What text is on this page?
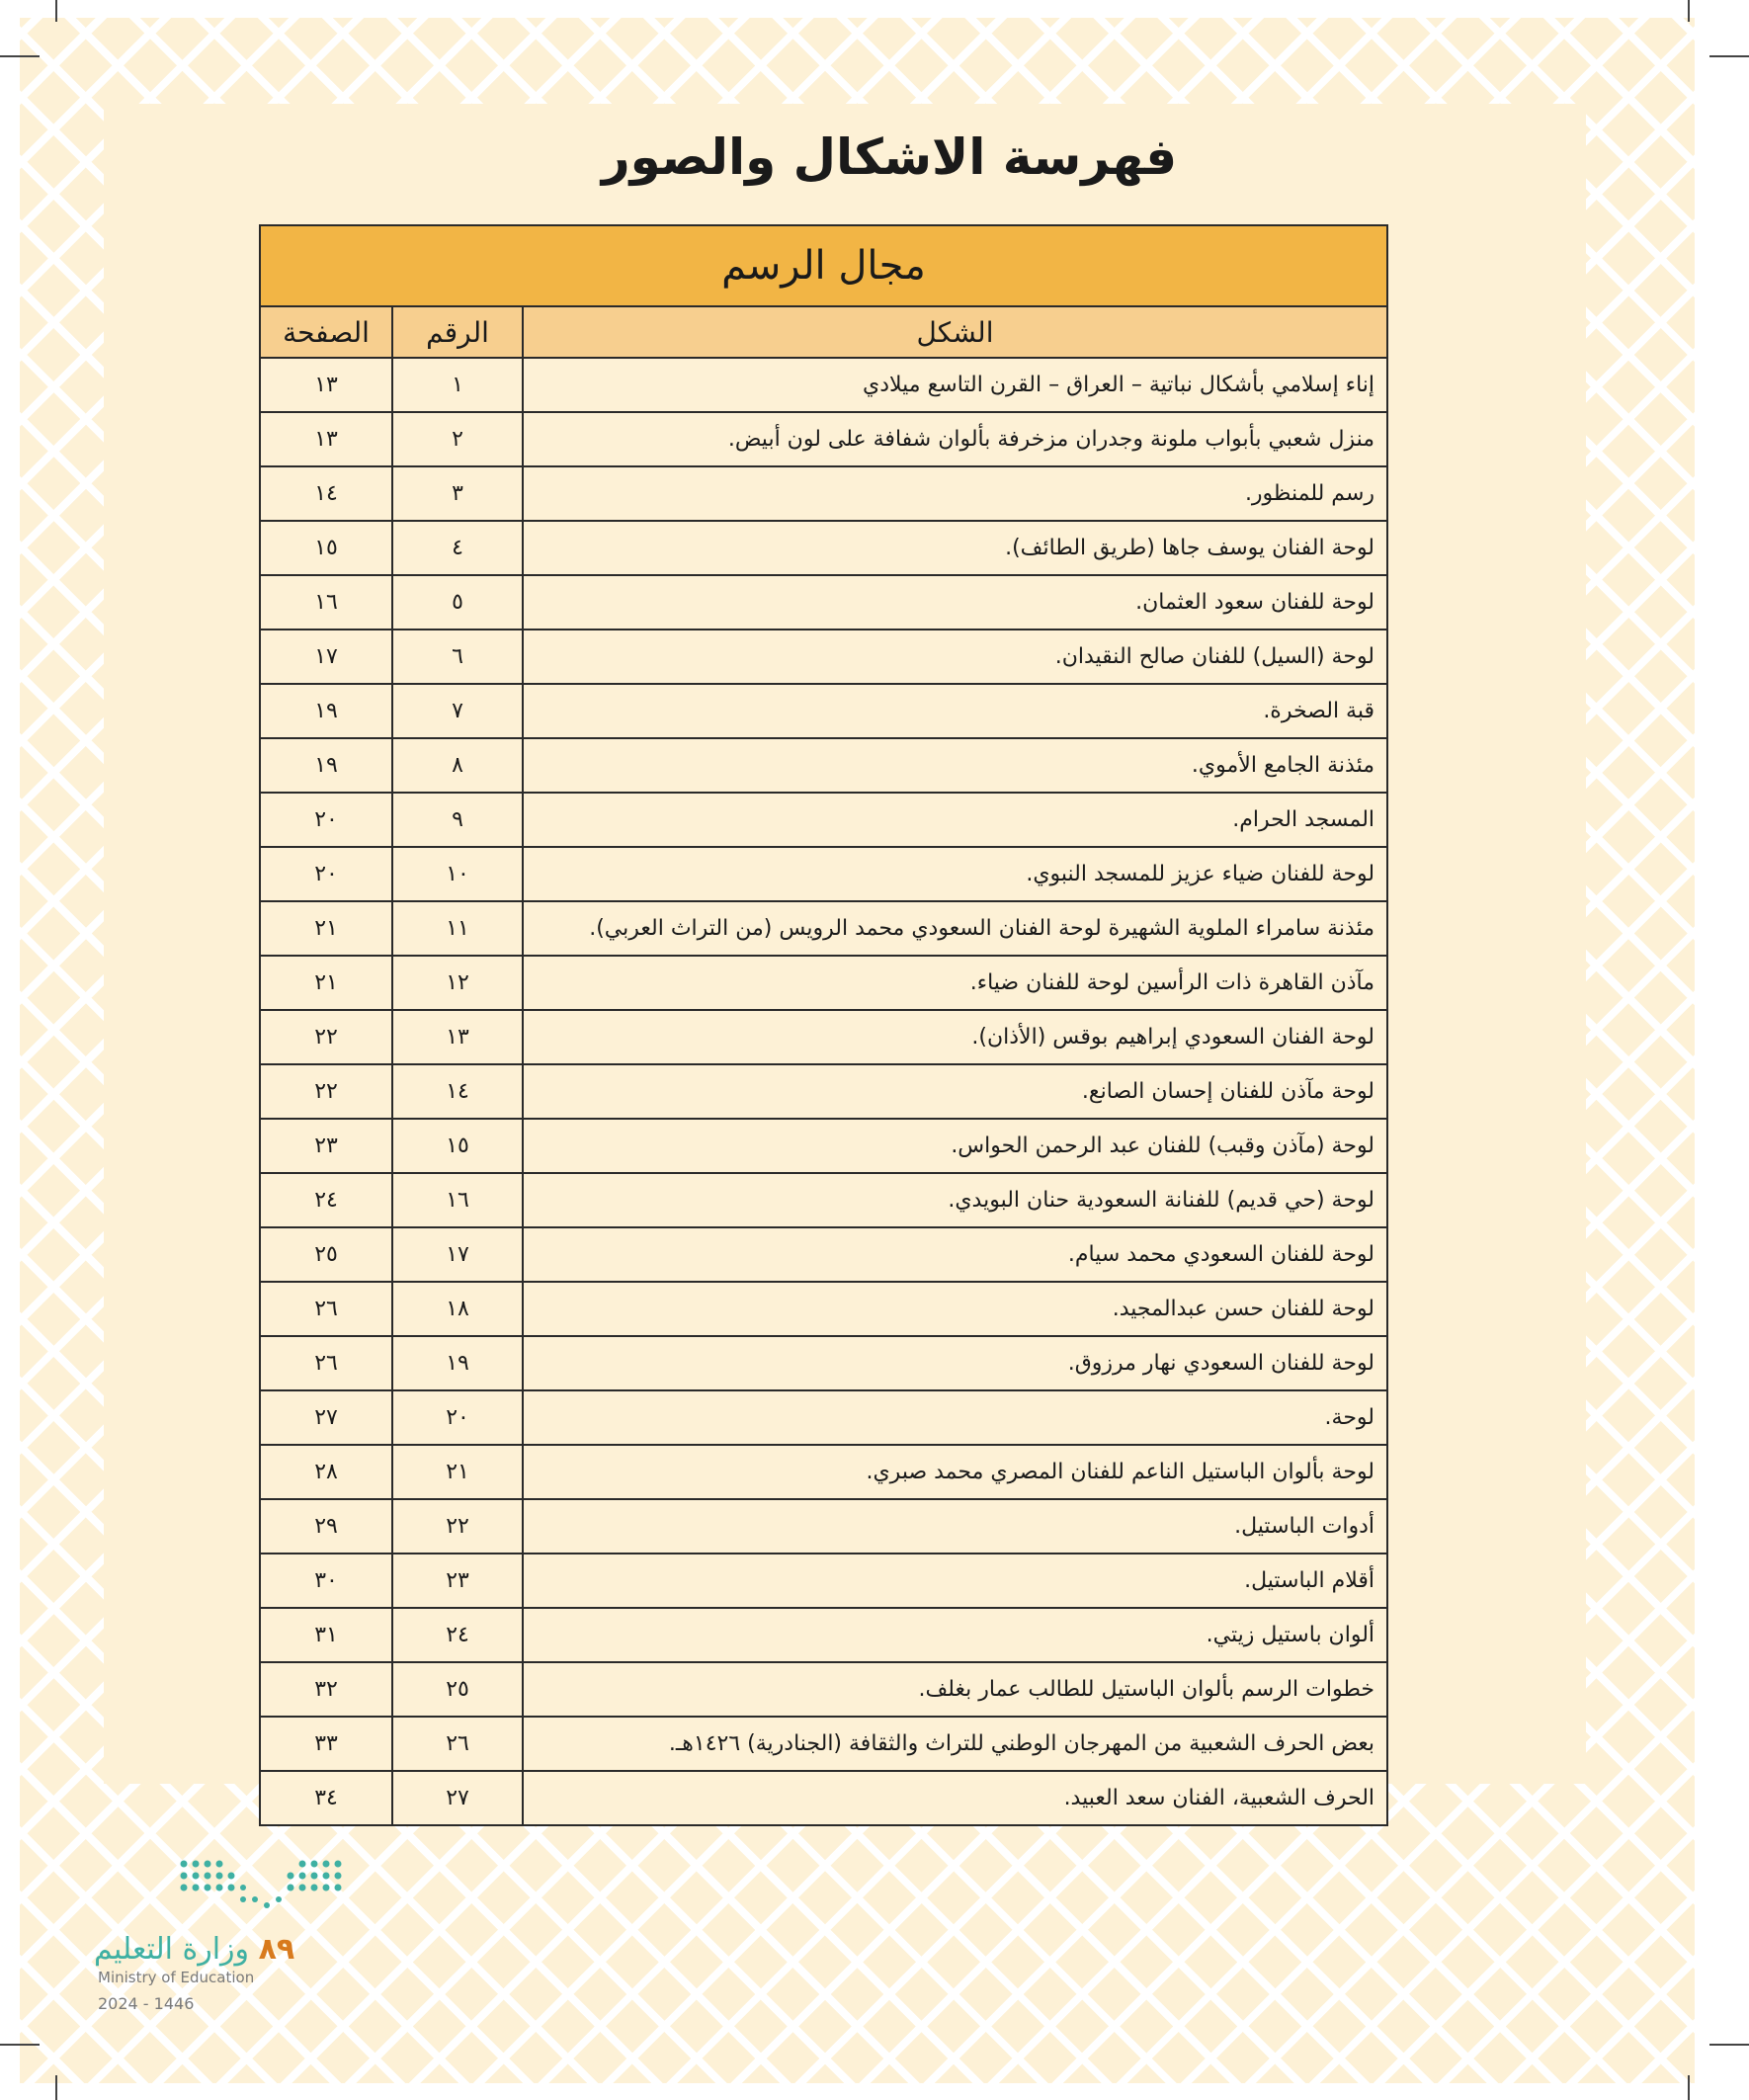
فهرسة الاشكال والصور
مجال الرسم		
الشكل	الرقم	الصفحة
إناء إسلامي بأشكال نباتية – العراق – القرن التاسع ميلادي	١	١٣
منزل شعبي بأبواب ملونة وجدران مزخرفة بألوان شفافة على لون أبيض.	٢	١٣
رسم للمنظور.	٣	١٤
لوحة الفنان يوسف جاها (طريق الطائف).	٤	١٥
لوحة للفنان سعود العثمان.	٥	١٦
لوحة (السيل) للفنان صالح النقيدان.	٦	١٧
قبة الصخرة.	٧	١٩
مئذنة الجامع الأموي.	٨	١٩
المسجد الحرام.	٩	٢٠
لوحة للفنان ضياء عزيز للمسجد النبوي.	١٠	٢٠
مئذنة سامراء الملوية الشهيرة لوحة الفنان السعودي محمد الرويس (من التراث العربي).	١١	٢١
مآذن القاهرة ذات الرأسين لوحة للفنان ضياء.	١٢	٢١
لوحة الفنان السعودي إبراهيم بوقس (الأذان).	١٣	٢٢
لوحة مآذن للفنان إحسان الصانع.	١٤	٢٢
لوحة (مآذن وقبب) للفنان عبد الرحمن الحواس.	١٥	٢٣
لوحة (حي قديم) للفنانة السعودية حنان البويدي.	١٦	٢٤
لوحة للفنان السعودي محمد سيام.	١٧	٢٥
لوحة للفنان حسن عبدالمجيد.	١٨	٢٦
لوحة للفنان السعودي نهار مرزوق.	١٩	٢٦
لوحة.	٢٠	٢٧
لوحة بألوان الباستيل الناعم للفنان المصري محمد صبري.	٢١	٢٨
أدوات الباستيل.	٢٢	٢٩
أقلام الباستيل.	٢٣	٣٠
ألوان باستيل زيتي.	٢٤	٣١
خطوات الرسم بألوان الباستيل للطالب عمار بغلف.	٢٥	٣٢
بعض الحرف الشعبية من المهرجان الوطني للتراث والثقافة (الجنادرية) ١٤٢٦هـ.	٢٦	٣٣
الحرف الشعبية، الفنان سعد العبيد.	٢٧	٣٤
٨٩ وزارة التعليم
Ministry of Education
2024 - 1446
